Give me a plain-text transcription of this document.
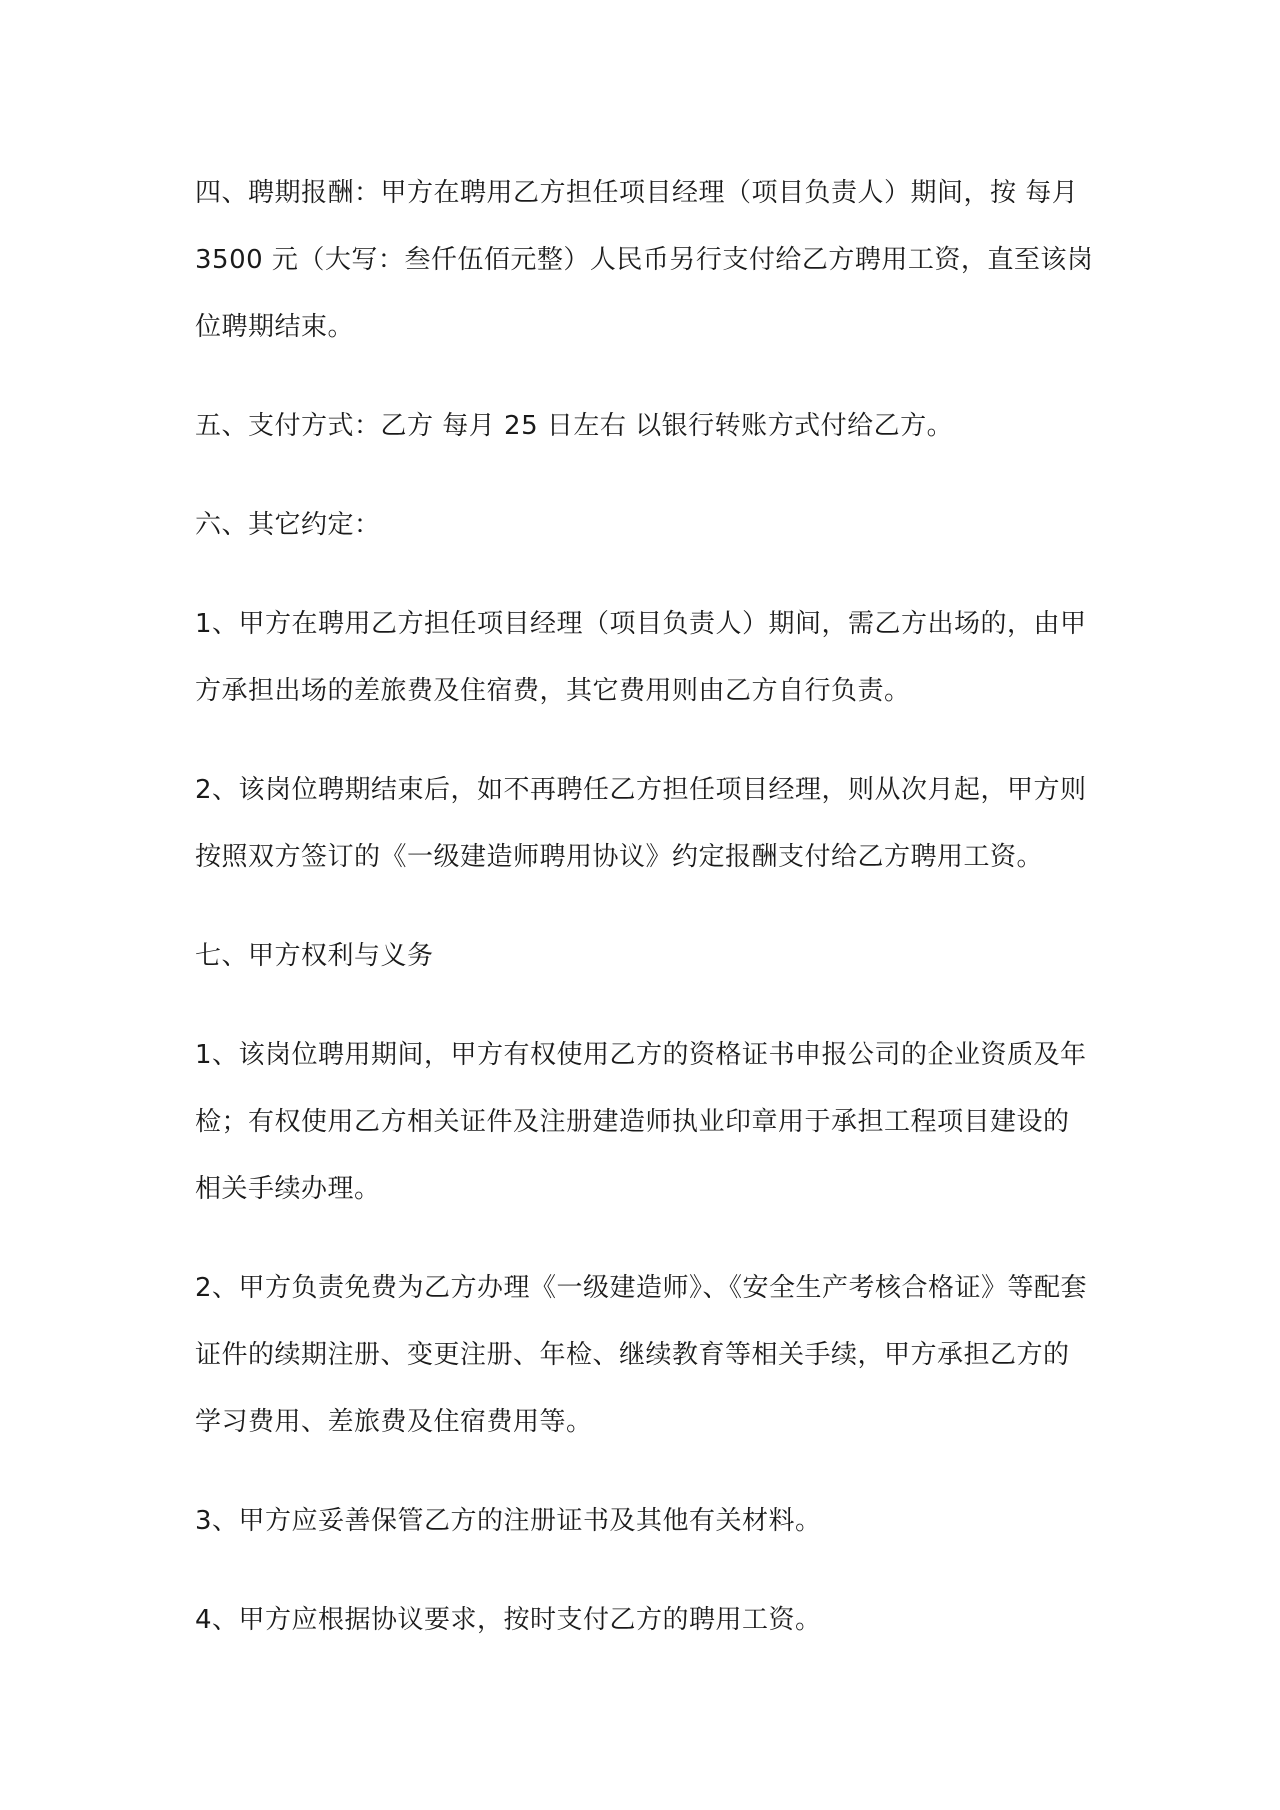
四、聘期报酬：甲方在聘用乙方担任项目经理（项目负责人）期间，按 每月 3500 元（大写：叁仟伍佰元整）人民币另行支付给乙方聘用工资，直至该岗位聘期结束。

五、支付方式：乙方 每月 25 日左右 以银行转账方式付给乙方。

六、其它约定：

1、甲方在聘用乙方担任项目经理（项目负责人）期间，需乙方出场的，由甲方承担出场的差旅费及住宿费，其它费用则由乙方自行负责。

2、该岗位聘期结束后，如不再聘任乙方担任项目经理，则从次月起，甲方则按照双方签订的《一级建造师聘用协议》约定报酬支付给乙方聘用工资。

七、甲方权利与义务

1、该岗位聘用期间，甲方有权使用乙方的资格证书申报公司的企业资质及年检；有权使用乙方相关证件及注册建造师执业印章用于承担工程项目建设的相关手续办理。

2、甲方负责免费为乙方办理《一级建造师》、《安全生产考核合格证》等配套证件的续期注册、变更注册、年检、继续教育等相关手续，甲方承担乙方的学习费用、差旅费及住宿费用等。

3、甲方应妥善保管乙方的注册证书及其他有关材料。

4、甲方应根据协议要求，按时支付乙方的聘用工资。
